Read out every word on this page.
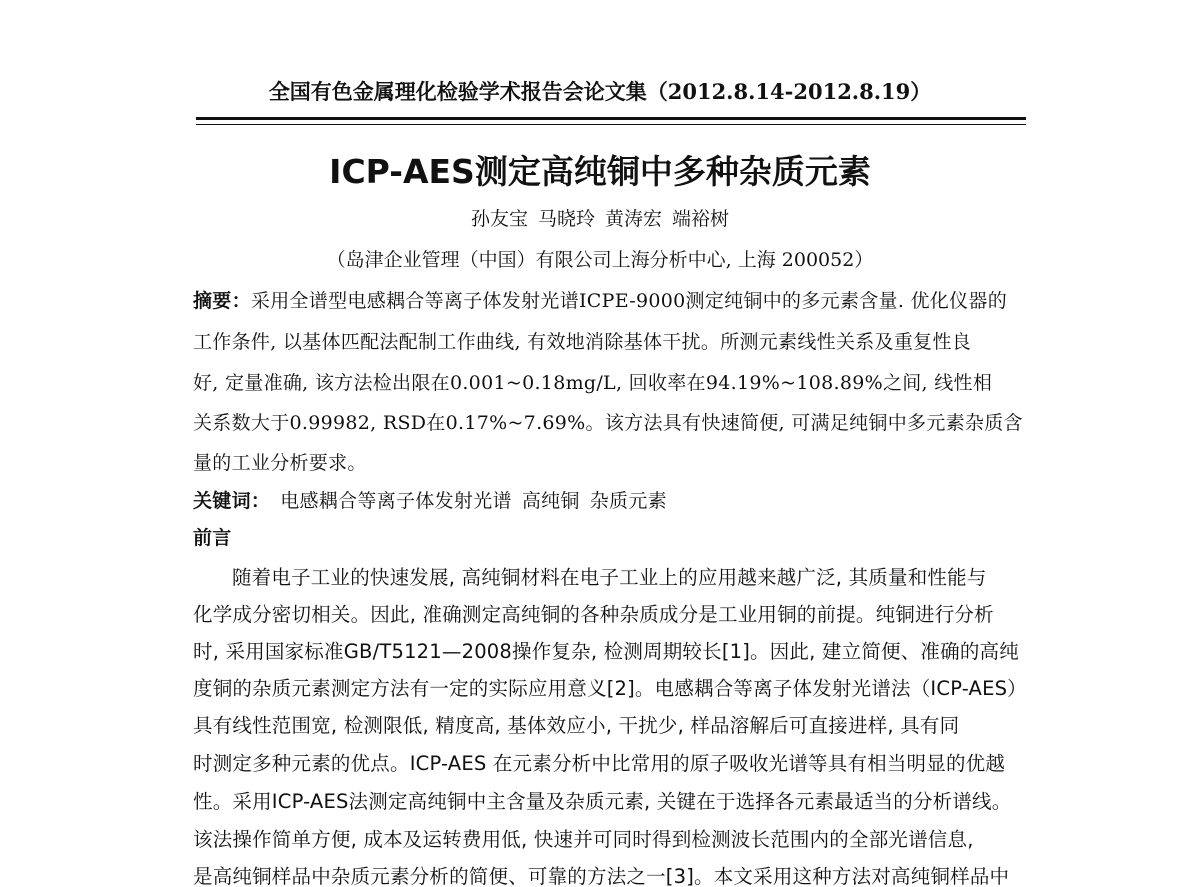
全国有色金属理化检验学术报告会论文集（2012.8.14-2012.8.19）
ICP-AES测定高纯铜中多种杂质元素
孙友宝 马晓玲 黄涛宏 端裕树
（岛津企业管理（中国）有限公司上海分析中心, 上海 200052）
摘要：采用全谱型电感耦合等离子体发射光谱ICPE-9000测定纯铜中的多元素含量. 优化仪器的
工作条件, 以基体匹配法配制工作曲线, 有效地消除基体干扰。所测元素线性关系及重复性良
好, 定量准确, 该方法检出限在0.001~0.18mg/L, 回收率在94.19%~108.89%之间, 线性相
关系数大于0.99982, RSD在0.17%~7.69%。该方法具有快速简便, 可满足纯铜中多元素杂质含
量的工业分析要求。
关键词： 电感耦合等离子体发射光谱 高纯铜 杂质元素
前言
随着电子工业的快速发展, 高纯铜材料在电子工业上的应用越来越广泛, 其质量和性能与
化学成分密切相关。因此, 准确测定高纯铜的各种杂质成分是工业用铜的前提。纯铜进行分析
时, 采用国家标准GB/T5121—2008操作复杂, 检测周期较长[1]。因此, 建立简便、准确的高纯
度铜的杂质元素测定方法有一定的实际应用意义[2]。电感耦合等离子体发射光谱法（ICP-AES）
具有线性范围宽, 检测限低, 精度高, 基体效应小, 干扰少, 样品溶解后可直接进样, 具有同
时测定多种元素的优点。ICP-AES 在元素分析中比常用的原子吸收光谱等具有相当明显的优越
性。采用ICP-AES法测定高纯铜中主含量及杂质元素, 关键在于选择各元素最适当的分析谱线。
该法操作简单方便, 成本及运转费用低, 快速并可同时得到检测波长范围内的全部光谱信息,
是高纯铜样品中杂质元素分析的简便、可靠的方法之一[3]。本文采用这种方法对高纯铜样品中
